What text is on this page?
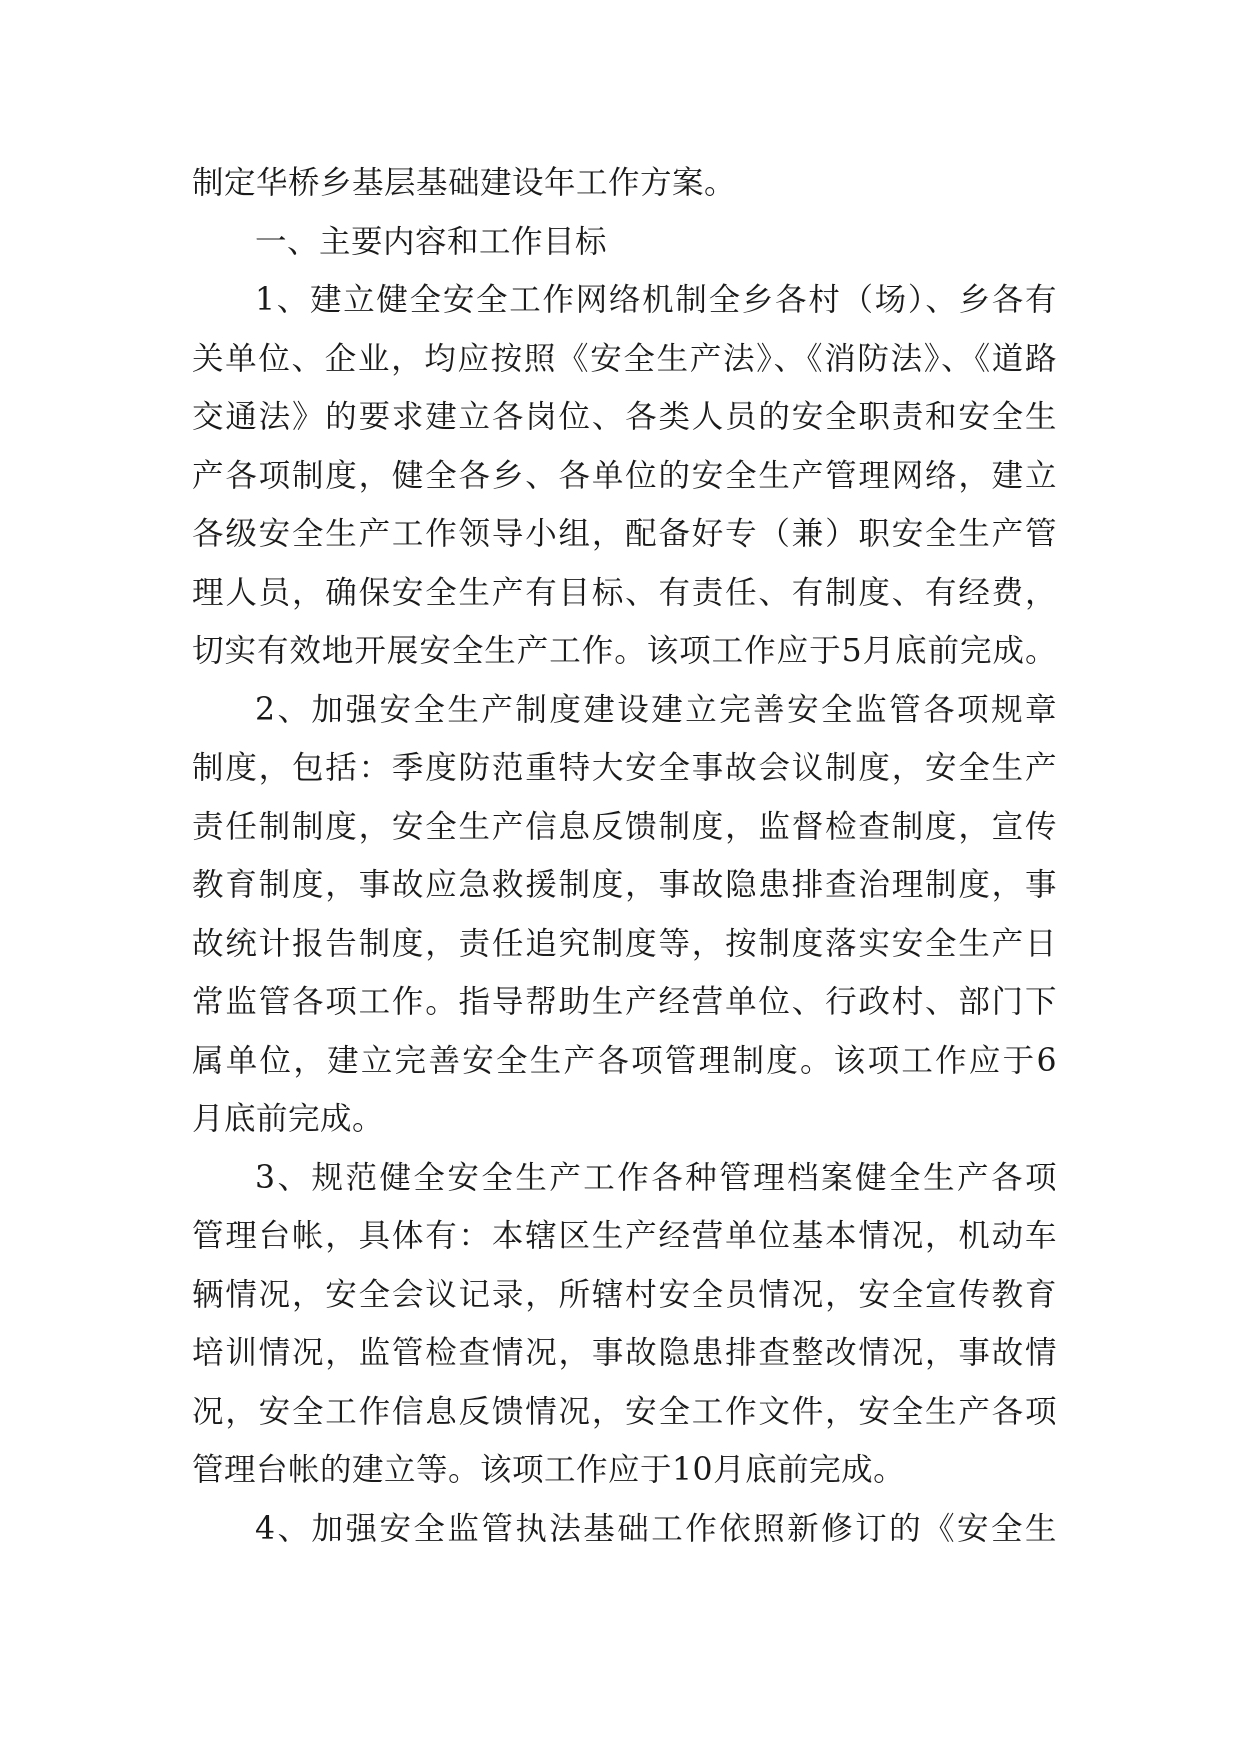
制定华桥乡基层基础建设年工作方案。
一、主要内容和工作目标
1、建立健全安全工作网络机制全乡各村（场）、乡各有
关单位、企业，均应按照《安全生产法》、《消防法》、《道路
交通法》的要求建立各岗位、各类人员的安全职责和安全生
产各项制度，健全各乡、各单位的安全生产管理网络，建立
各级安全生产工作领导小组，配备好专（兼）职安全生产管
理人员，确保安全生产有目标、有责任、有制度、有经费，
切实有效地开展安全生产工作。该项工作应于5月底前完成。
2、加强安全生产制度建设建立完善安全监管各项规章
制度，包括：季度防范重特大安全事故会议制度，安全生产
责任制制度，安全生产信息反馈制度，监督检查制度，宣传
教育制度，事故应急救援制度，事故隐患排查治理制度，事
故统计报告制度，责任追究制度等，按制度落实安全生产日
常监管各项工作。指导帮助生产经营单位、行政村、部门下
属单位，建立完善安全生产各项管理制度。该项工作应于6
月底前完成。
3、规范健全安全生产工作各种管理档案健全生产各项
管理台帐，具体有：本辖区生产经营单位基本情况，机动车
辆情况，安全会议记录，所辖村安全员情况，安全宣传教育
培训情况，监管检查情况，事故隐患排查整改情况，事故情
况，安全工作信息反馈情况，安全工作文件，安全生产各项
管理台帐的建立等。该项工作应于10月底前完成。
4、加强安全监管执法基础工作依照新修订的《安全生
